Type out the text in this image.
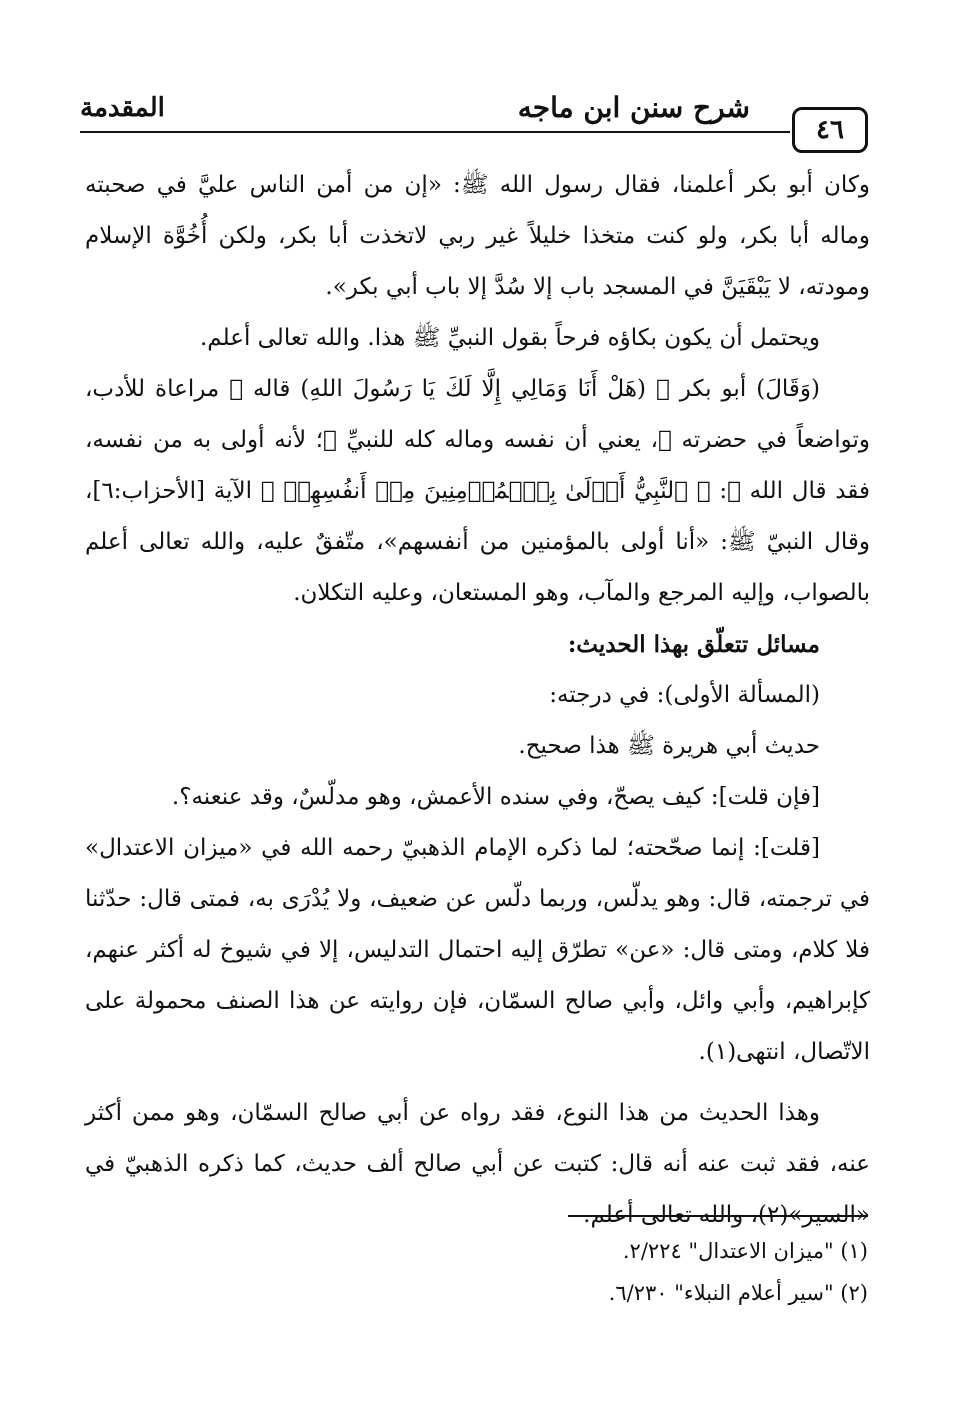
المقدمة	شرح سنن ابن ماجه
٤٦

وكان أبو بكر أعلمنا، فقال رسول الله ﷺ: «إن من أمن الناس عليَّ في صحبته وماله أبا بكر، ولو كنت متخذا خليلاً غير ربي لاتخذت أبا بكر، ولكن أُخُوَّة الإسلام ومودته، لا يَبْقَيَنَّ في المسجد باب إلا سُدَّ إلا باب أبي بكر».

ويحتمل أن يكون بكاؤه فرحاً بقول النبيِّ ﷺ هذا. والله تعالى أعلم.

(وَقَالَ) أبو بكر ﷺ (هَلْ أَنَا وَمَالِي إِلَّا لَكَ يَا رَسُولَ اللهِ) قاله ﷺ مراعاة للأدب، وتواضعاً في حضرته ﷺ، يعني أن نفسه وماله كله للنبيِّ ﷺ؛ لأنه أولى به من نفسه، فقد قال الله ﷻ: ﴿ ٱلنَّبِيُّ أَوۡلَىٰ بِٱلۡمُؤۡمِنِينَ مِنۡ أَنفُسِهِمۡ ﴾ الآية [الأحزاب:٦]، وقال النبيّ ﷺ: «أنا أولى بالمؤمنين من أنفسهم»، متّفقٌ عليه، والله تعالى أعلم بالصواب، وإليه المرجع والمآب، وهو المستعان، وعليه التكلان.

مسائل تتعلّق بهذا الحديث:

(المسألة الأولى): في درجته:

حديث أبي هريرة ﷺ هذا صحيح.

[فإن قلت]: كيف يصحّ، وفي سنده الأعمش، وهو مدلّسٌ، وقد عنعنه؟.

[قلت]: إنما صحّحته؛ لما ذكره الإمام الذهبيّ رحمه الله في «ميزان الاعتدال» في ترجمته، قال: وهو يدلّس، وربما دلّس عن ضعيف، ولا يُدْرَى به، فمتى قال: حدّثنا فلا كلام، ومتى قال: «عن» تطرّق إليه احتمال التدليس، إلا في شيوخ له أكثر عنهم، كإبراهيم، وأبي وائل، وأبي صالح السمّان، فإن روايته عن هذا الصنف محمولة على الاتّصال، انتهى(١).

وهذا الحديث من هذا النوع، فقد رواه عن أبي صالح السمّان، وهو ممن أكثر عنه، فقد ثبت عنه أنه قال: كتبت عن أبي صالح ألف حديث، كما ذكره الذهبيّ في «السير»(٢)، والله تعالى أعلم.

(١) "ميزان الاعتدال" ٢/٢٢٤.

(٢) "سير أعلام النبلاء" ٦/٢٣٠.
